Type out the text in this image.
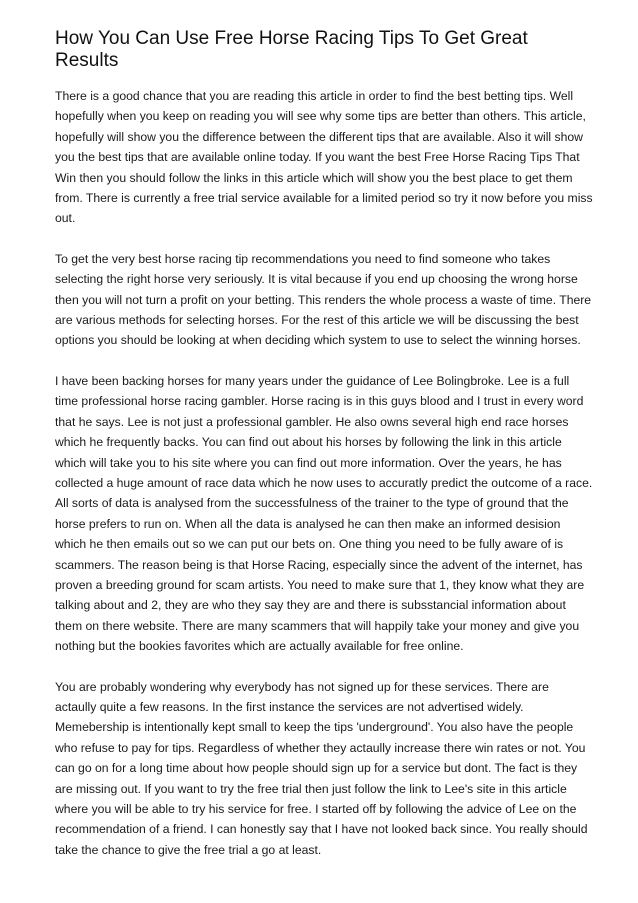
How You Can Use Free Horse Racing Tips To Get Great Results

There is a good chance that you are reading this article in order to find the best betting tips. Well hopefully when you keep on reading you will see why some tips are better than others. This article, hopefully will show you the difference between the different tips that are available. Also it will show you the best tips that are available online today. If you want the best Free Horse Racing Tips That Win then you should follow the links in this article which will show you the best place to get them from. There is currently a free trial service available for a limited period so try it now before you miss out.

To get the very best horse racing tip recommendations you need to find someone who takes selecting the right horse very seriously. It is vital because if you end up choosing the wrong horse then you will not turn a profit on your betting. This renders the whole process a waste of time. There are various methods for selecting horses. For the rest of this article we will be discussing the best options you should be looking at when deciding which system to use to select the winning horses.

I have been backing horses for many years under the guidance of Lee Bolingbroke. Lee is a full time professional horse racing gambler. Horse racing is in this guys blood and I trust in every word that he says. Lee is not just a professional gambler. He also owns several high end race horses which he frequently backs. You can find out about his horses by following the link in this article which will take you to his site where you can find out more information. Over the years, he has collected a huge amount of race data which he now uses to accuratly predict the outcome of a race. All sorts of data is analysed from the successfulness of the trainer to the type of ground that the horse prefers to run on. When all the data is analysed he can then make an informed desision which he then emails out so we can put our bets on. One thing you need to be fully aware of is scammers. The reason being is that Horse Racing, especially since the advent of the internet, has proven a breeding ground for scam artists. You need to make sure that 1, they know what they are talking about and 2, they are who they say they are and there is subsstancial information about them on there website. There are many scammers that will happily take your money and give you nothing but the bookies favorites which are actually available for free online.

You are probably wondering why everybody has not signed up for these services. There are actaully quite a few reasons. In the first instance the services are not advertised widely. Memebership is intentionally kept small to keep the tips 'underground'. You also have the people who refuse to pay for tips. Regardless of whether they actaully increase there win rates or not. You can go on for a long time about how people should sign up for a service but dont. The fact is they are missing out. If you want to try the free trial then just follow the link to Lee's site in this article where you will be able to try his service for free. I started off by following the advice of Lee on the recommendation of a friend. I can honestly say that I have not looked back since. You really should take the chance to give the free trial a go at least.
